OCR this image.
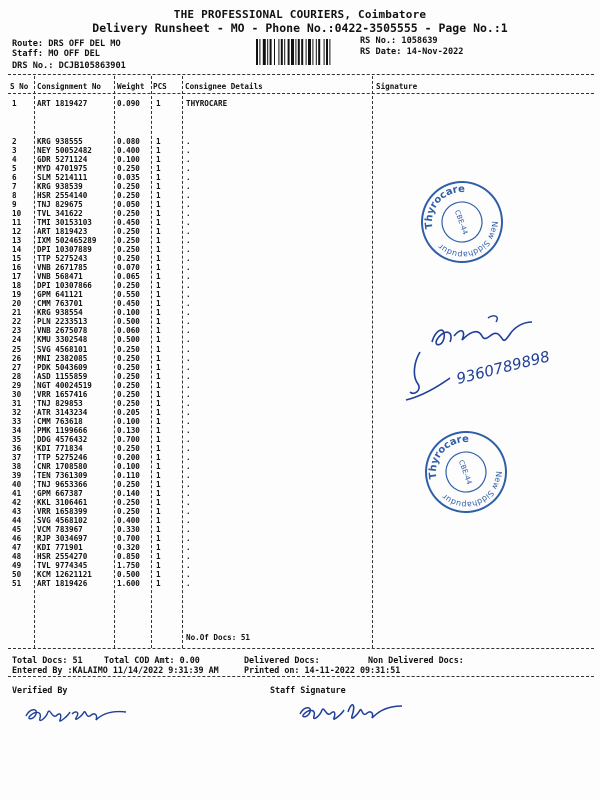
THE PROFESSIONAL COURIERS, Coimbatore
Delivery Runsheet - MO - Phone No.:0422-3505555 - Page No.:1
Route: DRS OFF DEL MO
Staff: MO OFF DEL
DRS No.: DCJB105863901
RS No.: 1058639
RS Date: 14-Nov-2022
S No Consignment No Weight PCS Consignee Details	Signature
1	ART 1819427	0.090 1	THYROCARE
2	KRG 938555	0.080 1	.
3	NEY 50052482	0.400 1	.
4	GDR 5271124	0.100 1	.
5	MYD 4701975	0.250 1	.
6	SLM 5214111	0.035 1	.
7	KRG 938539	0.250 1	.
8	HSR 2554140	0.250 1	.
9	TNJ 829675	0.050 1	.
10 TVL 341622	0.250 1	.
11 TMI 30153103	0.450 1	.
12 ART 1819423	0.250 1	.
13 IXM 502465289	0.250 1	.
14 DPI 10307889	0.250 1	.
15 TTP 5275243	0.250 1	.
16 VNB 2671785	0.070 1	.
17 VNB 568471	0.065 1	.
18 DPI 10307866	0.250 1	.
19 GPM 641121	0.550 1	.
20 CMM 763701	0.450 1	.
21 KRG 938554	0.100 1	.
22 PLN 2233513	0.500 1	.
23 VNB 2675078	0.060 1	.
24 KMU 3302548	0.500 1	.
25 SVG 4568101	0.250 1	.
26 MNI 2382085	0.250 1	.
27 PDK 5043609	0.250 1	.
28 ASD 1155859	0.250 1	.
29 NGT 40024519	0.250 1	.
30 VRR 1657416	0.250 1	.
31 TNJ 829853	0.250 1	.
32 ATR 3143234	0.205 1	.
33 CMM 763618	0.100 1	.
34 PMK 1199666	0.130 1	.
35 DDG 4576432	0.700 1	.
36 KDI 771834	0.250 1	.
37 TTP 5275246	0.200 1	.
38 CNR 1708580	0.100 1	.
39 TEN 7361309	0.110 1	.
40 TNJ 9653366	0.250 1	.
41 GPM 667387	0.140 1	.
42 KKL 3106461	0.250 1	.
43 VRR 1658399	0.250 1	.
44 SVG 4568102	0.400 1	.
45 VCM 783967	0.330 1	.
46 RJP 3034697	0.700 1	.
47 KDI 771901	0.320 1	.
48 HSR 2554270	0.850 1	.
49 TVL 9774345	1.750 1	.
50 KCM 12621121	0.500 1	.
51 ART 1819426	1.600 1	.
No.Of Docs: 51
Total Docs: 51	Total COD Amt: 0.00	Delivered Docs:	Non Delivered Docs:
Entered By :KALAIMO 11/14/2022 9:31:39 AM	Printed on: 14-11-2022 09:31:51
Verified By	Staff Signature
Thyrocare
New Siddhapudur
CBE-44
Thyrocare
New Siddhapudur
CBE-44
9360789898
